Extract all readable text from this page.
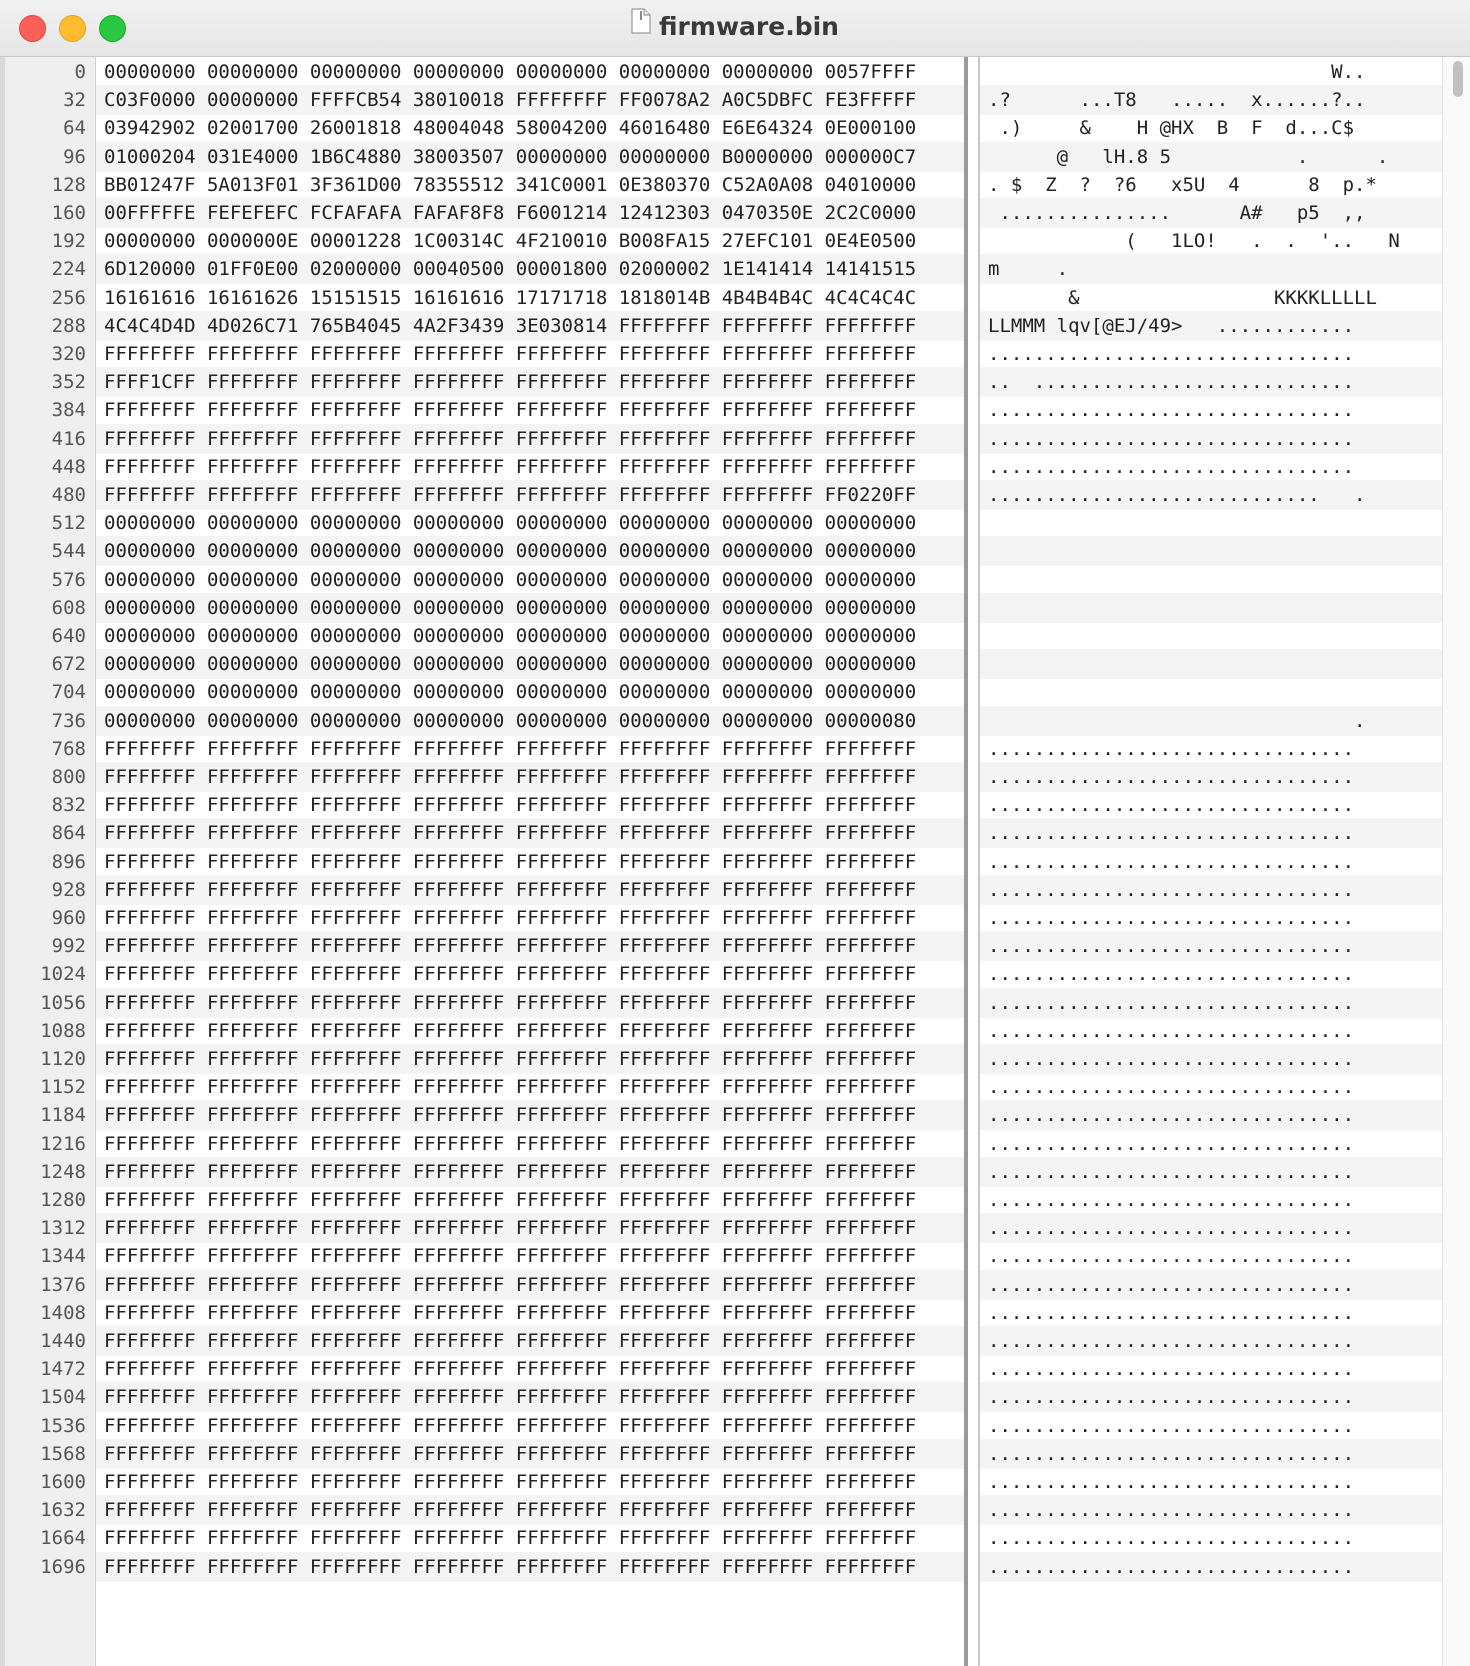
firmware.bin
0 00000000 00000000 00000000 00000000 00000000 00000000 00000000 0057FFFF	W..
32 C03F0000 00000000 FFFFCB54 38010018 FFFFFFFF FF0078A2 A0C5DBFC FE3FFFFF	.?      ...T8   .....  x......?..
64 03942902 02001700 26001818 48004048 58004200 46016480 E6E64324 0E000100	.)     &    H @HX  B  F  d...C$
96 01000204 031E4000 1B6C4880 38003507 00000000 00000000 B0000000 000000C7	@   lH.8 5           .      .
128 BB01247F 5A013F01 3F361D00 78355512 341C0001 0E380370 C52A0A08 04010000	. $  Z  ?  ?6   x5U  4      8  p.*
160 00FFFFFE FEFEFEFC FCFAFAFA FAFAF8F8 F6001214 12412303 0470350E 2C2C0000	...............      A#   p5  ,,
192 00000000 0000000E 00001228 1C00314C 4F210010 B008FA15 27EFC101 0E4E0500	(   1LO!   .  .  '..   N
224 6D120000 01FF0E00 02000000 00040500 00001800 02000002 1E141414 14141515	m     .
256 16161616 16161626 15151515 16161616 17171718 1818014B 4B4B4B4C 4C4C4C4C	&                 KKKKLLLLL
288 4C4C4D4D 4D026C71 765B4045 4A2F3439 3E030814 FFFFFFFF FFFFFFFF FFFFFFFF	LLMMM lqv[@EJ/49>   ............
320 FFFFFFFF FFFFFFFF FFFFFFFF FFFFFFFF FFFFFFFF FFFFFFFF FFFFFFFF FFFFFFFF	................................
352 FFFF1CFF FFFFFFFF FFFFFFFF FFFFFFFF FFFFFFFF FFFFFFFF FFFFFFFF FFFFFFFF	..  ............................
384 FFFFFFFF FFFFFFFF FFFFFFFF FFFFFFFF FFFFFFFF FFFFFFFF FFFFFFFF FFFFFFFF	................................
416 FFFFFFFF FFFFFFFF FFFFFFFF FFFFFFFF FFFFFFFF FFFFFFFF FFFFFFFF FFFFFFFF	................................
448 FFFFFFFF FFFFFFFF FFFFFFFF FFFFFFFF FFFFFFFF FFFFFFFF FFFFFFFF FFFFFFFF	................................
480 FFFFFFFF FFFFFFFF FFFFFFFF FFFFFFFF FFFFFFFF FFFFFFFF FFFFFFFF FF0220FF	.............................   .
512 00000000 00000000 00000000 00000000 00000000 00000000 00000000 00000000
544 00000000 00000000 00000000 00000000 00000000 00000000 00000000 00000000
576 00000000 00000000 00000000 00000000 00000000 00000000 00000000 00000000
608 00000000 00000000 00000000 00000000 00000000 00000000 00000000 00000000
640 00000000 00000000 00000000 00000000 00000000 00000000 00000000 00000000
672 00000000 00000000 00000000 00000000 00000000 00000000 00000000 00000000
704 00000000 00000000 00000000 00000000 00000000 00000000 00000000 00000000
736 00000000 00000000 00000000 00000000 00000000 00000000 00000000 00000080	.
768 FFFFFFFF FFFFFFFF FFFFFFFF FFFFFFFF FFFFFFFF FFFFFFFF FFFFFFFF FFFFFFFF	................................
800 FFFFFFFF FFFFFFFF FFFFFFFF FFFFFFFF FFFFFFFF FFFFFFFF FFFFFFFF FFFFFFFF	................................
832 FFFFFFFF FFFFFFFF FFFFFFFF FFFFFFFF FFFFFFFF FFFFFFFF FFFFFFFF FFFFFFFF	................................
864 FFFFFFFF FFFFFFFF FFFFFFFF FFFFFFFF FFFFFFFF FFFFFFFF FFFFFFFF FFFFFFFF	................................
896 FFFFFFFF FFFFFFFF FFFFFFFF FFFFFFFF FFFFFFFF FFFFFFFF FFFFFFFF FFFFFFFF	................................
928 FFFFFFFF FFFFFFFF FFFFFFFF FFFFFFFF FFFFFFFF FFFFFFFF FFFFFFFF FFFFFFFF	................................
960 FFFFFFFF FFFFFFFF FFFFFFFF FFFFFFFF FFFFFFFF FFFFFFFF FFFFFFFF FFFFFFFF	................................
992 FFFFFFFF FFFFFFFF FFFFFFFF FFFFFFFF FFFFFFFF FFFFFFFF FFFFFFFF FFFFFFFF	................................
1024 FFFFFFFF FFFFFFFF FFFFFFFF FFFFFFFF FFFFFFFF FFFFFFFF FFFFFFFF FFFFFFFF	................................
1056 FFFFFFFF FFFFFFFF FFFFFFFF FFFFFFFF FFFFFFFF FFFFFFFF FFFFFFFF FFFFFFFF	................................
1088 FFFFFFFF FFFFFFFF FFFFFFFF FFFFFFFF FFFFFFFF FFFFFFFF FFFFFFFF FFFFFFFF	................................
1120 FFFFFFFF FFFFFFFF FFFFFFFF FFFFFFFF FFFFFFFF FFFFFFFF FFFFFFFF FFFFFFFF	................................
1152 FFFFFFFF FFFFFFFF FFFFFFFF FFFFFFFF FFFFFFFF FFFFFFFF FFFFFFFF FFFFFFFF	................................
1184 FFFFFFFF FFFFFFFF FFFFFFFF FFFFFFFF FFFFFFFF FFFFFFFF FFFFFFFF FFFFFFFF	................................
1216 FFFFFFFF FFFFFFFF FFFFFFFF FFFFFFFF FFFFFFFF FFFFFFFF FFFFFFFF FFFFFFFF	................................
1248 FFFFFFFF FFFFFFFF FFFFFFFF FFFFFFFF FFFFFFFF FFFFFFFF FFFFFFFF FFFFFFFF	................................
1280 FFFFFFFF FFFFFFFF FFFFFFFF FFFFFFFF FFFFFFFF FFFFFFFF FFFFFFFF FFFFFFFF	................................
1312 FFFFFFFF FFFFFFFF FFFFFFFF FFFFFFFF FFFFFFFF FFFFFFFF FFFFFFFF FFFFFFFF	................................
1344 FFFFFFFF FFFFFFFF FFFFFFFF FFFFFFFF FFFFFFFF FFFFFFFF FFFFFFFF FFFFFFFF	................................
1376 FFFFFFFF FFFFFFFF FFFFFFFF FFFFFFFF FFFFFFFF FFFFFFFF FFFFFFFF FFFFFFFF	................................
1408 FFFFFFFF FFFFFFFF FFFFFFFF FFFFFFFF FFFFFFFF FFFFFFFF FFFFFFFF FFFFFFFF	................................
1440 FFFFFFFF FFFFFFFF FFFFFFFF FFFFFFFF FFFFFFFF FFFFFFFF FFFFFFFF FFFFFFFF	................................
1472 FFFFFFFF FFFFFFFF FFFFFFFF FFFFFFFF FFFFFFFF FFFFFFFF FFFFFFFF FFFFFFFF	................................
1504 FFFFFFFF FFFFFFFF FFFFFFFF FFFFFFFF FFFFFFFF FFFFFFFF FFFFFFFF FFFFFFFF	................................
1536 FFFFFFFF FFFFFFFF FFFFFFFF FFFFFFFF FFFFFFFF FFFFFFFF FFFFFFFF FFFFFFFF	................................
1568 FFFFFFFF FFFFFFFF FFFFFFFF FFFFFFFF FFFFFFFF FFFFFFFF FFFFFFFF FFFFFFFF	................................
1600 FFFFFFFF FFFFFFFF FFFFFFFF FFFFFFFF FFFFFFFF FFFFFFFF FFFFFFFF FFFFFFFF	................................
1632 FFFFFFFF FFFFFFFF FFFFFFFF FFFFFFFF FFFFFFFF FFFFFFFF FFFFFFFF FFFFFFFF	................................
1664 FFFFFFFF FFFFFFFF FFFFFFFF FFFFFFFF FFFFFFFF FFFFFFFF FFFFFFFF FFFFFFFF	................................
1696 FFFFFFFF FFFFFFFF FFFFFFFF FFFFFFFF FFFFFFFF FFFFFFFF FFFFFFFF FFFFFFFF	................................
